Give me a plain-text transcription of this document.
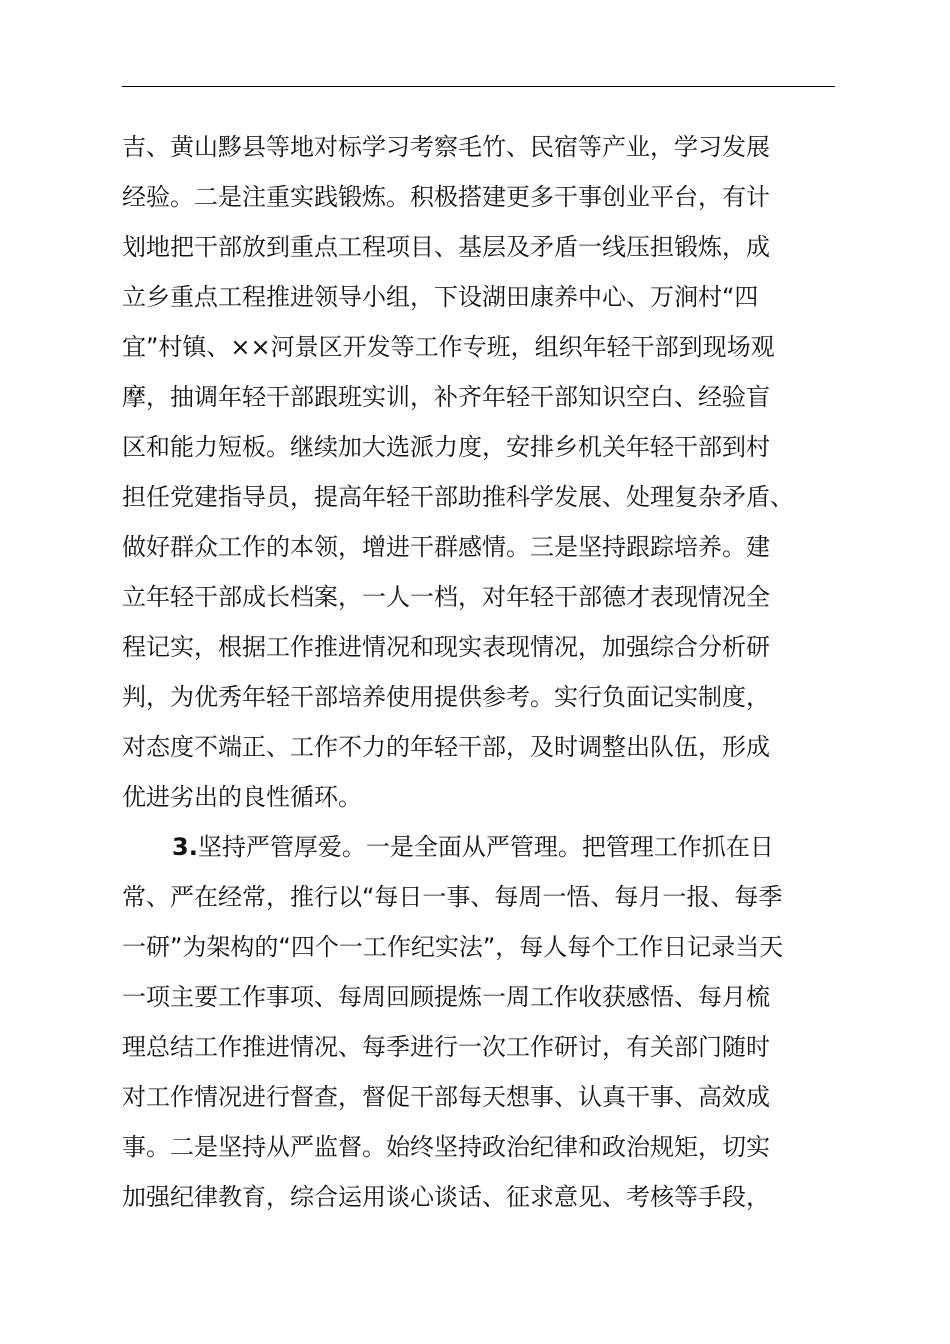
吉、黄山黟县等地对标学习考察毛竹、民宿等产业，学习发展
经验。二是注重实践锻炼。积极搭建更多干事创业平台，有计
划地把干部放到重点工程项目、基层及矛盾一线压担锻炼，成
立乡重点工程推进领导小组，下设湖田康养中心、万涧村“四
宜”村镇、××河景区开发等工作专班，组织年轻干部到现场观
摩，抽调年轻干部跟班实训，补齐年轻干部知识空白、经验盲
区和能力短板。继续加大选派力度，安排乡机关年轻干部到村
担任党建指导员，提高年轻干部助推科学发展、处理复杂矛盾、
做好群众工作的本领，增进干群感情。三是坚持跟踪培养。建
立年轻干部成长档案，一人一档，对年轻干部德才表现情况全
程记实，根据工作推进情况和现实表现情况，加强综合分析研
判，为优秀年轻干部培养使用提供参考。实行负面记实制度，
对态度不端正、工作不力的年轻干部，及时调整出队伍，形成
优进劣出的良性循环。
3.坚持严管厚爱。一是全面从严管理。把管理工作抓在日
常、严在经常，推行以“每日一事、每周一悟、每月一报、每季
一研”为架构的“四个一工作纪实法”，每人每个工作日记录当天
一项主要工作事项、每周回顾提炼一周工作收获感悟、每月梳
理总结工作推进情况、每季进行一次工作研讨，有关部门随时
对工作情况进行督查，督促干部每天想事、认真干事、高效成
事。二是坚持从严监督。始终坚持政治纪律和政治规矩，切实
加强纪律教育，综合运用谈心谈话、征求意见、考核等手段，
